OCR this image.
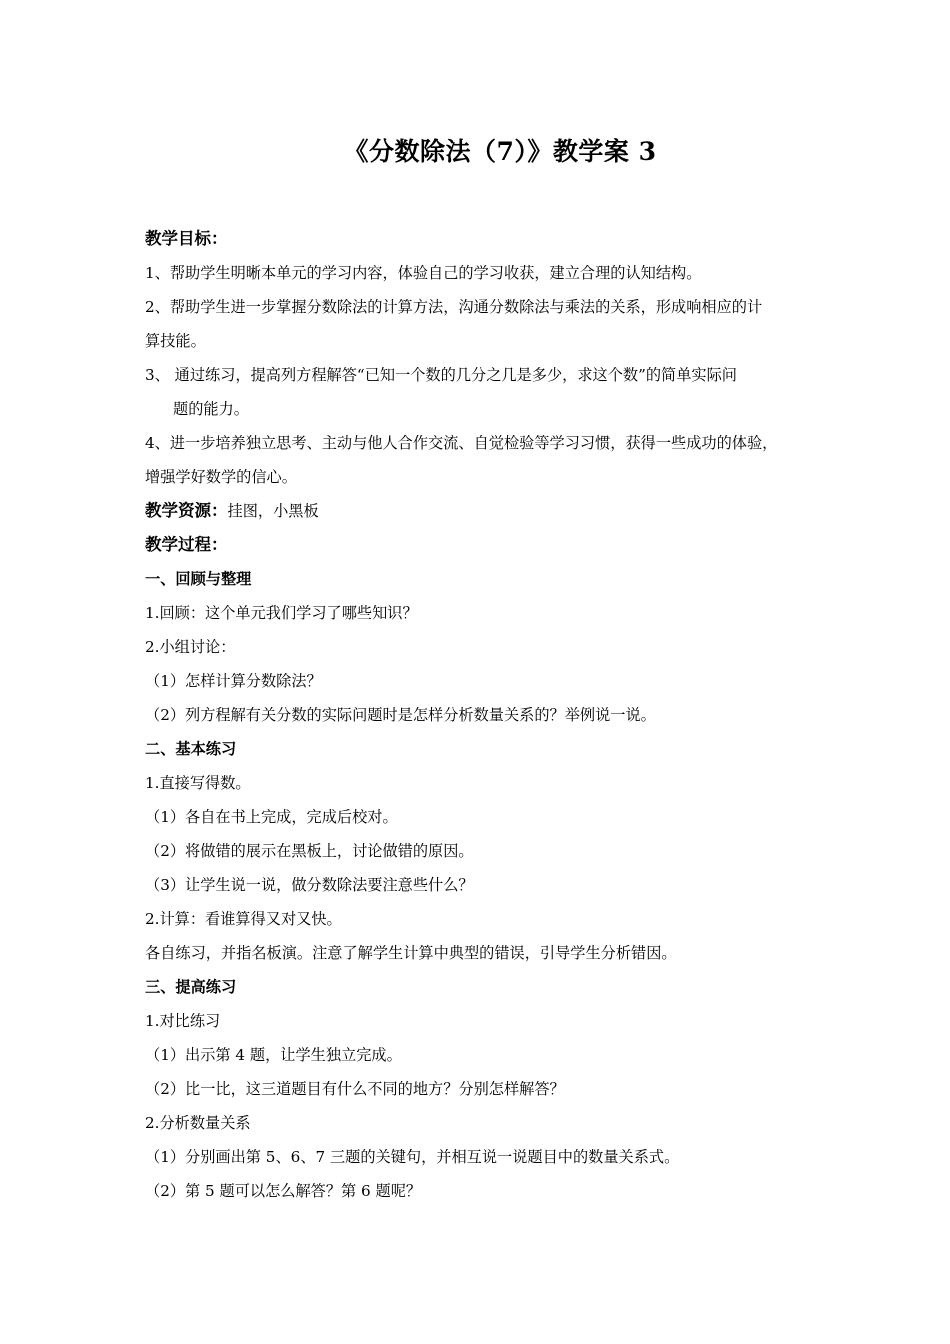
《分数除法（7）》教学案 3
教学目标：
1、帮助学生明晰本单元的学习内容，体验自己的学习收获，建立合理的认知结构。
2、帮助学生进一步掌握分数除法的计算方法，沟通分数除法与乘法的关系，形成响相应的计
算技能。
3、 通过练习，提高列方程解答“已知一个数的几分之几是多少，求这个数”的简单实际问
题的能力。
4、进一步培养独立思考、主动与他人合作交流、自觉检验等学习习惯，获得一些成功的体验，
增强学好数学的信心。
教学资源：挂图，小黑板
教学过程：
一、回顾与整理
1.回顾：这个单元我们学习了哪些知识？
2.小组讨论：
（1）怎样计算分数除法？
（2）列方程解有关分数的实际问题时是怎样分析数量关系的？举例说一说。
二、基本练习
1.直接写得数。
（1）各自在书上完成，完成后校对。
（2）将做错的展示在黑板上，讨论做错的原因。
（3）让学生说一说，做分数除法要注意些什么？
2.计算：看谁算得又对又快。
各自练习，并指名板演。注意了解学生计算中典型的错误，引导学生分析错因。
三、提高练习
1.对比练习
（1）出示第 4 题，让学生独立完成。
（2）比一比，这三道题目有什么不同的地方？分别怎样解答？
2.分析数量关系
（1）分别画出第 5、6、7 三题的关键句，并相互说一说题目中的数量关系式。
（2）第 5 题可以怎么解答？第 6 题呢？
